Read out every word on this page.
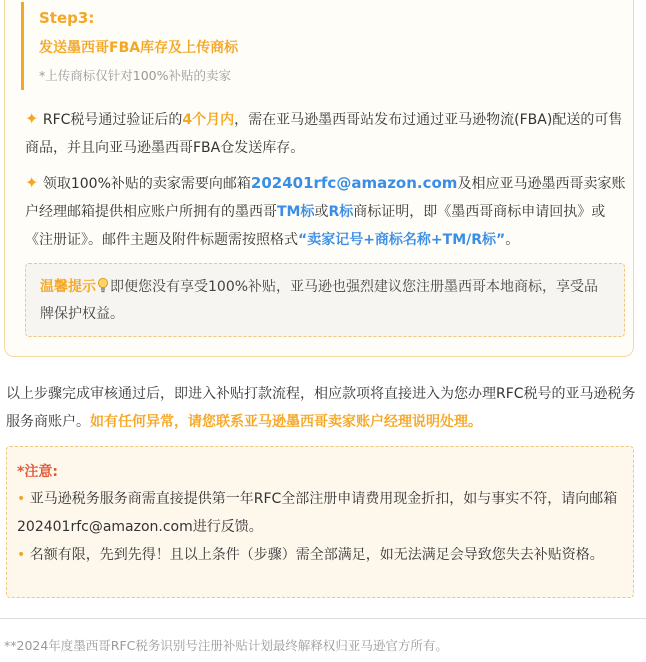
Step3:
发送墨西哥FBA库存及上传商标
*上传商标仅针对100%补贴的卖家
✦ RFC税号通过验证后的4个月内，需在亚马逊墨西哥站发布过通过亚马逊物流(FBA)配送的可售商品，并且向亚马逊墨西哥FBA仓发送库存。
✦ 领取100%补贴的卖家需要向邮箱202401rfc@amazon.com及相应亚马逊墨西哥卖家账户经理邮箱提供相应账户所拥有的墨西哥TM标或R标商标证明，即《墨西哥商标申请回执》或《注册证》。邮件主题及附件标题需按照格式“卖家记号+商标名称+TM/R标”。
温馨提示 即便您没有享受100%补贴，亚马逊也强烈建议您注册墨西哥本地商标，享受品牌保护权益。
以上步骤完成审核通过后，即进入补贴打款流程，相应款项将直接进入为您办理RFC税号的亚马逊税务服务商账户。如有任何异常，请您联系亚马逊墨西哥卖家账户经理说明处理。
*注意:
• 亚马逊税务服务商需直接提供第一年RFC全部注册申请费用现金折扣，如与事实不符，请向邮箱202401rfc@amazon.com进行反馈。
• 名额有限，先到先得！且以上条件（步骤）需全部满足，如无法满足会导致您失去补贴资格。
**2024年度墨西哥RFC税务识别号注册补贴计划最终解释权归亚马逊官方所有。
